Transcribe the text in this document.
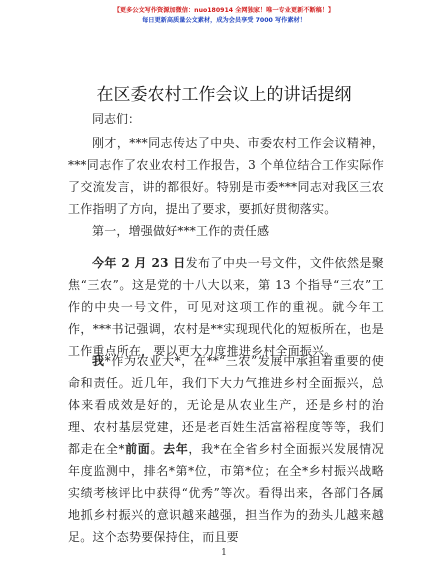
【更多公文写作资源加微信：nuo180914 全网独家！唯一专业更新不断稿！】
每日更新高质量公文素材，成为会员享受 7000 写作素材！
在区委农村工作会议上的讲话提纲
同志们：

刚才，***同志传达了中央、市委农村工作会议精神，***同志作了农业农村工作报告，3 个单位结合工作实际作了交流发言，讲的都很好。特别是市委***同志对我区三农工作指明了方向，提出了要求，要抓好贯彻落实。

第一，增强做好***工作的责任感

今年 2 月 23 日发布了中央一号文件，文件依然是聚焦“三农”。这是党的十八大以来，第 13 个指导“三农”工作的中央一号文件，可见对这项工作的重视。就今年工作，***书记强调，农村是**实现现代化的短板所在，也是工作重点所在，要以更大力度推进乡村全面振兴。

我*作为农业大*，在**“三农”发展中承担着重要的使命和责任。近几年，我们下大力气推进乡村全面振兴，总体来看成效是好的，无论是从农业生产，还是乡村的治理、农村基层党建，还是老百姓生活富裕程度等等，我们都走在全*前面。去年，我*在全省乡村全面振兴发展情况年度监测中，排名*第*位，市第*位；在全*乡村振兴战略实绩考核评比中获得“优秀”等次。看得出来，各部门各属地抓乡村振兴的意识越来越强，担当作为的劲头儿越来越足。这个态势要保持住，而且要

1
